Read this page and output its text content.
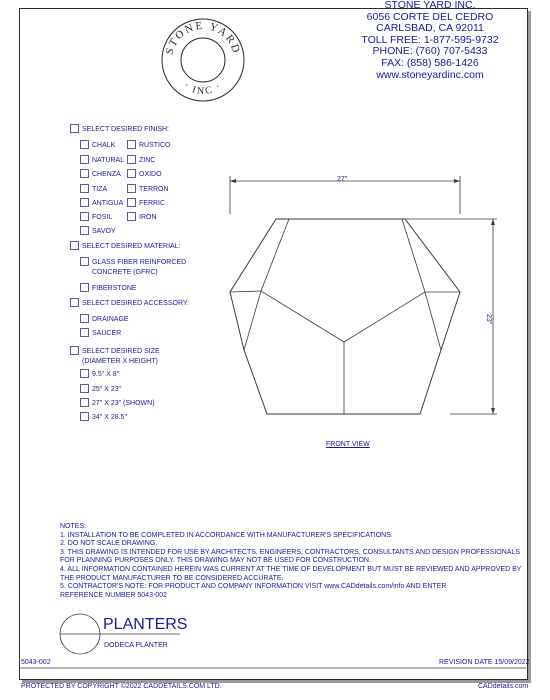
STONE YARD
· INC ·
STONE YARD INC.
6056 CORTE DEL CEDRO
CARLSBAD, CA 92011
TOLL FREE: 1-877-595-9732
PHONE: (760) 707-5433
FAX: (858) 586-1426
www.stoneyardinc.com
SELECT DESIRED FINISH:
CHALK
NATURAL
CHENZA
TIZA
ANTIGUA
FOSIL
SAVOY
RUSTICO
ZINC
OXIDO
TERRON
FERRIC
IRON
SELECT DESIRED MATERIAL:
GLASS FIBER REINFORCED
CONCRETE (GFRC)
FIBERSTONE
SELECT DESIRED ACCESSORY:
DRAINAGE
SAUCER
SELECT DESIRED SIZE
(DIAMETER X HEIGHT)
9.5" X 8"
25" X 23"
27" X 23" (SHOWN)
34" X 28.5"
27"
23"
FRONT VIEW
NOTES:
1. INSTALLATION TO BE COMPLETED IN ACCORDANCE WITH MANUFACTURER'S SPECIFICATIONS.
2. DO NOT SCALE DRAWING.
3. THIS DRAWING IS INTENDED FOR USE BY ARCHITECTS, ENGINEERS, CONTRACTORS, CONSULTANTS AND DESIGN PROFESSIONALS
FOR PLANNING PURPOSES ONLY. THIS DRAWING MAY NOT BE USED FOR CONSTRUCTION.
4. ALL INFORMATION CONTAINED HEREIN WAS CURRENT AT THE TIME OF DEVELOPMENT BUT MUST BE REVIEWED AND APPROVED BY
THE PRODUCT MANUFACTURER TO BE CONSIDERED ACCURATE.
5. CONTRACTOR'S NOTE: FOR PRODUCT AND COMPANY INFORMATION VISIT www.CADdetails.com/info AND ENTER
REFERENCE NUMBER 5043-002
PLANTERS
DODECA PLANTER
5043-002	REVISION DATE 15/09/2022
PROTECTED BY COPYRIGHT ©2022 CADDETAILS.COM LTD.	CADdetails.com
